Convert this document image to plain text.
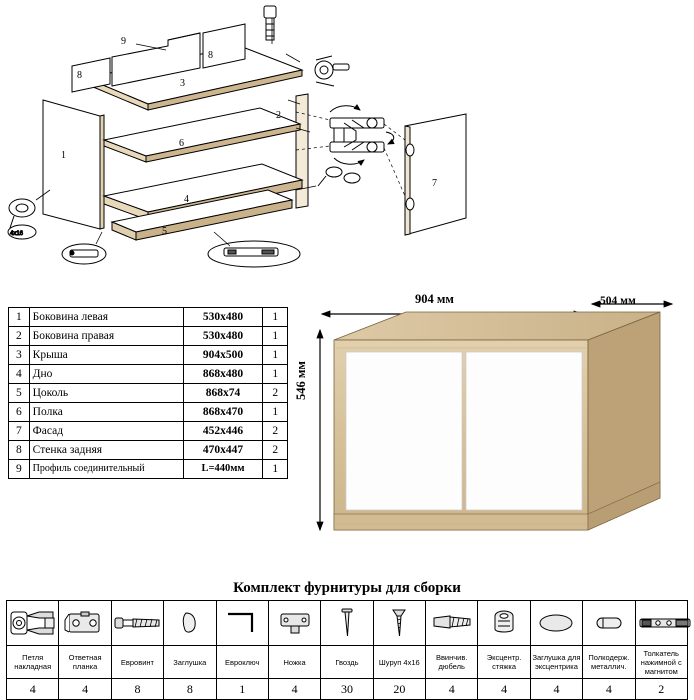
4x16
1
2
3
4
5
6
7
8
8
9
1	Боковина левая	530x480	1
2	Боковина правая	530x480	1
3	Крыша	904x500	1
4	Дно	868x480	1
5	Цоколь	868x74	2
6	Полка	868x470	1
7	Фасад	452x446	2
8	Стенка задняя	470x447	2
9	Профиль соединительный	L=440мм	1
904 мм	504 мм
546 мм
Комплект фурнитуры для сборки

Петля накладная	Ответная планка	Евровинт	Заглушка	Евроключ	Ножка	Гвоздь	Шуруп 4x16	Ввинчив. дюбель	Эксцентр. стяжка	Заглушка для эксцентрика	Полкодерж. металлич.	Толкатель нажимной с магнитом
4	4	8	8	1	4	30	20	4	4	4	4	2
